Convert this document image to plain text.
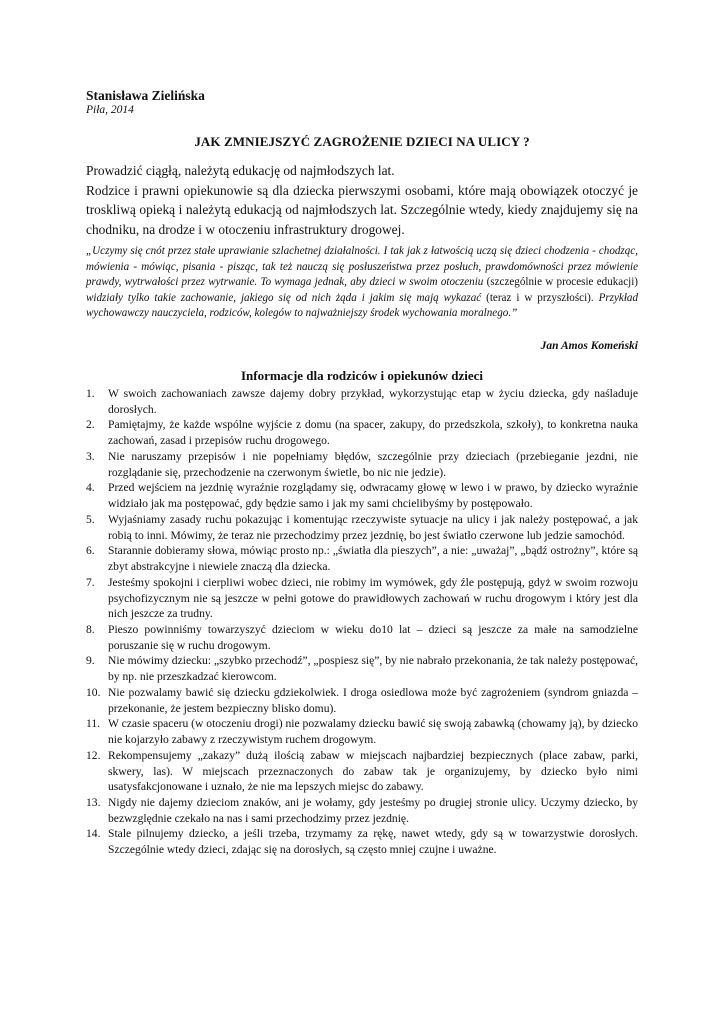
Stanisława Zielińska
Piła, 2014
JAK ZMNIEJSZYĆ ZAGROŻENIE DZIECI NA ULICY ?

Prowadzić ciągłą, należytą edukację od najmłodszych lat.

Rodzice i prawni opiekunowie są dla dziecka pierwszymi osobami, które mają obowiązek otoczyć je troskliwą opieką i należytą edukacją od najmłodszych lat. Szczególnie wtedy, kiedy znajdujemy się na chodniku, na drodze i w otoczeniu infrastruktury drogowej.

„Uczymy się cnót przez stałe uprawianie szlachetnej działalności. I tak jak z łatwością uczą się dzieci chodzenia - chodząc, mówienia - mówiąc, pisania - pisząc, tak też nauczą się posłuszeństwa przez posłuch, prawdomówności przez mówienie prawdy, wytrwałości przez wytrwanie. To wymaga jednak, aby dzieci w swoim otoczeniu (szczególnie w procesie edukacji) widziały tylko takie zachowanie, jakiego się od nich żąda i jakim się mają wykazać (teraz i w przyszłości). Przykład wychowawczy nauczyciela, rodziców, kolegów to najważniejszy środek wychowania moralnego.”
Jan Amos Komeński
Informacje dla rodziców i opiekunów dzieci
1. W swoich zachowaniach zawsze dajemy dobry przykład, wykorzystując etap w życiu dziecka, gdy naśladuje dorosłych.
2. Pamiętajmy, że każde wspólne wyjście z domu (na spacer, zakupy, do przedszkola, szkoły), to konkretna nauka zachowań, zasad i przepisów ruchu drogowego.
3. Nie naruszamy przepisów i nie popełniamy błędów, szczególnie przy dzieciach (przebieganie jezdni, nie rozglądanie się, przechodzenie na czerwonym świetle, bo nic nie jedzie).
4. Przed wejściem na jezdnię wyraźnie rozglądamy się, odwracamy głowę w lewo i w prawo, by dziecko wyraźnie widziało jak ma postępować, gdy będzie samo i jak my sami chcielibyśmy by postępowało.
5. Wyjaśniamy zasady ruchu pokazując i komentując rzeczywiste sytuacje na ulicy i jak należy postępować, a jak robią to inni. Mówimy, że teraz nie przechodzimy przez jezdnię, bo jest światło czerwone lub jedzie samochód.
6. Starannie dobieramy słowa, mówiąc prosto np.: „światła dla pieszych”, a nie: „uważaj”, „bądź ostrożny”, które są zbyt abstrakcyjne i niewiele znaczą dla dziecka.
7. Jesteśmy spokojni i cierpliwi wobec dzieci, nie robimy im wymówek, gdy źle postępują, gdyż w swoim rozwoju psychofizycznym nie są jeszcze w pełni gotowe do prawidłowych zachowań w ruchu drogowym i który jest dla nich jeszcze za trudny.
8. Pieszo powinniśmy towarzyszyć dzieciom w wieku do10 lat – dzieci są jeszcze za małe na samodzielne poruszanie się w ruchu drogowym.
9. Nie mówimy dziecku: „szybko przechodź”, „pospiesz się”, by nie nabrało przekonania, że tak należy postępować, by np. nie przeszkadzać kierowcom.
10. Nie pozwalamy bawić się dziecku gdziekolwiek. I droga osiedlowa może być zagrożeniem (syndrom gniazda – przekonanie, że jestem bezpieczny blisko domu).
11. W czasie spaceru (w otoczeniu drogi) nie pozwalamy dziecku bawić się swoją zabawką (chowamy ją), by dziecko nie kojarzyło zabawy z rzeczywistym ruchem drogowym.
12. Rekompensujemy „zakazy” dużą ilością zabaw w miejscach najbardziej bezpiecznych (place zabaw, parki, skwery, las). W miejscach przeznaczonych do zabaw tak je organizujemy, by dziecko było nimi usatysfakcjonowane i uznało, że nie ma lepszych miejsc do zabawy.
13. Nigdy nie dajemy dzieciom znaków, ani je wołamy, gdy jesteśmy po drugiej stronie ulicy. Uczymy dziecko, by bezwzględnie czekało na nas i sami przechodzimy przez jezdnię.
14. Stale pilnujemy dziecko, a jeśli trzeba, trzymamy za rękę, nawet wtedy, gdy są w towarzystwie dorosłych. Szczególnie wtedy dzieci, zdając się na dorosłych, są często mniej czujne i uważne.
